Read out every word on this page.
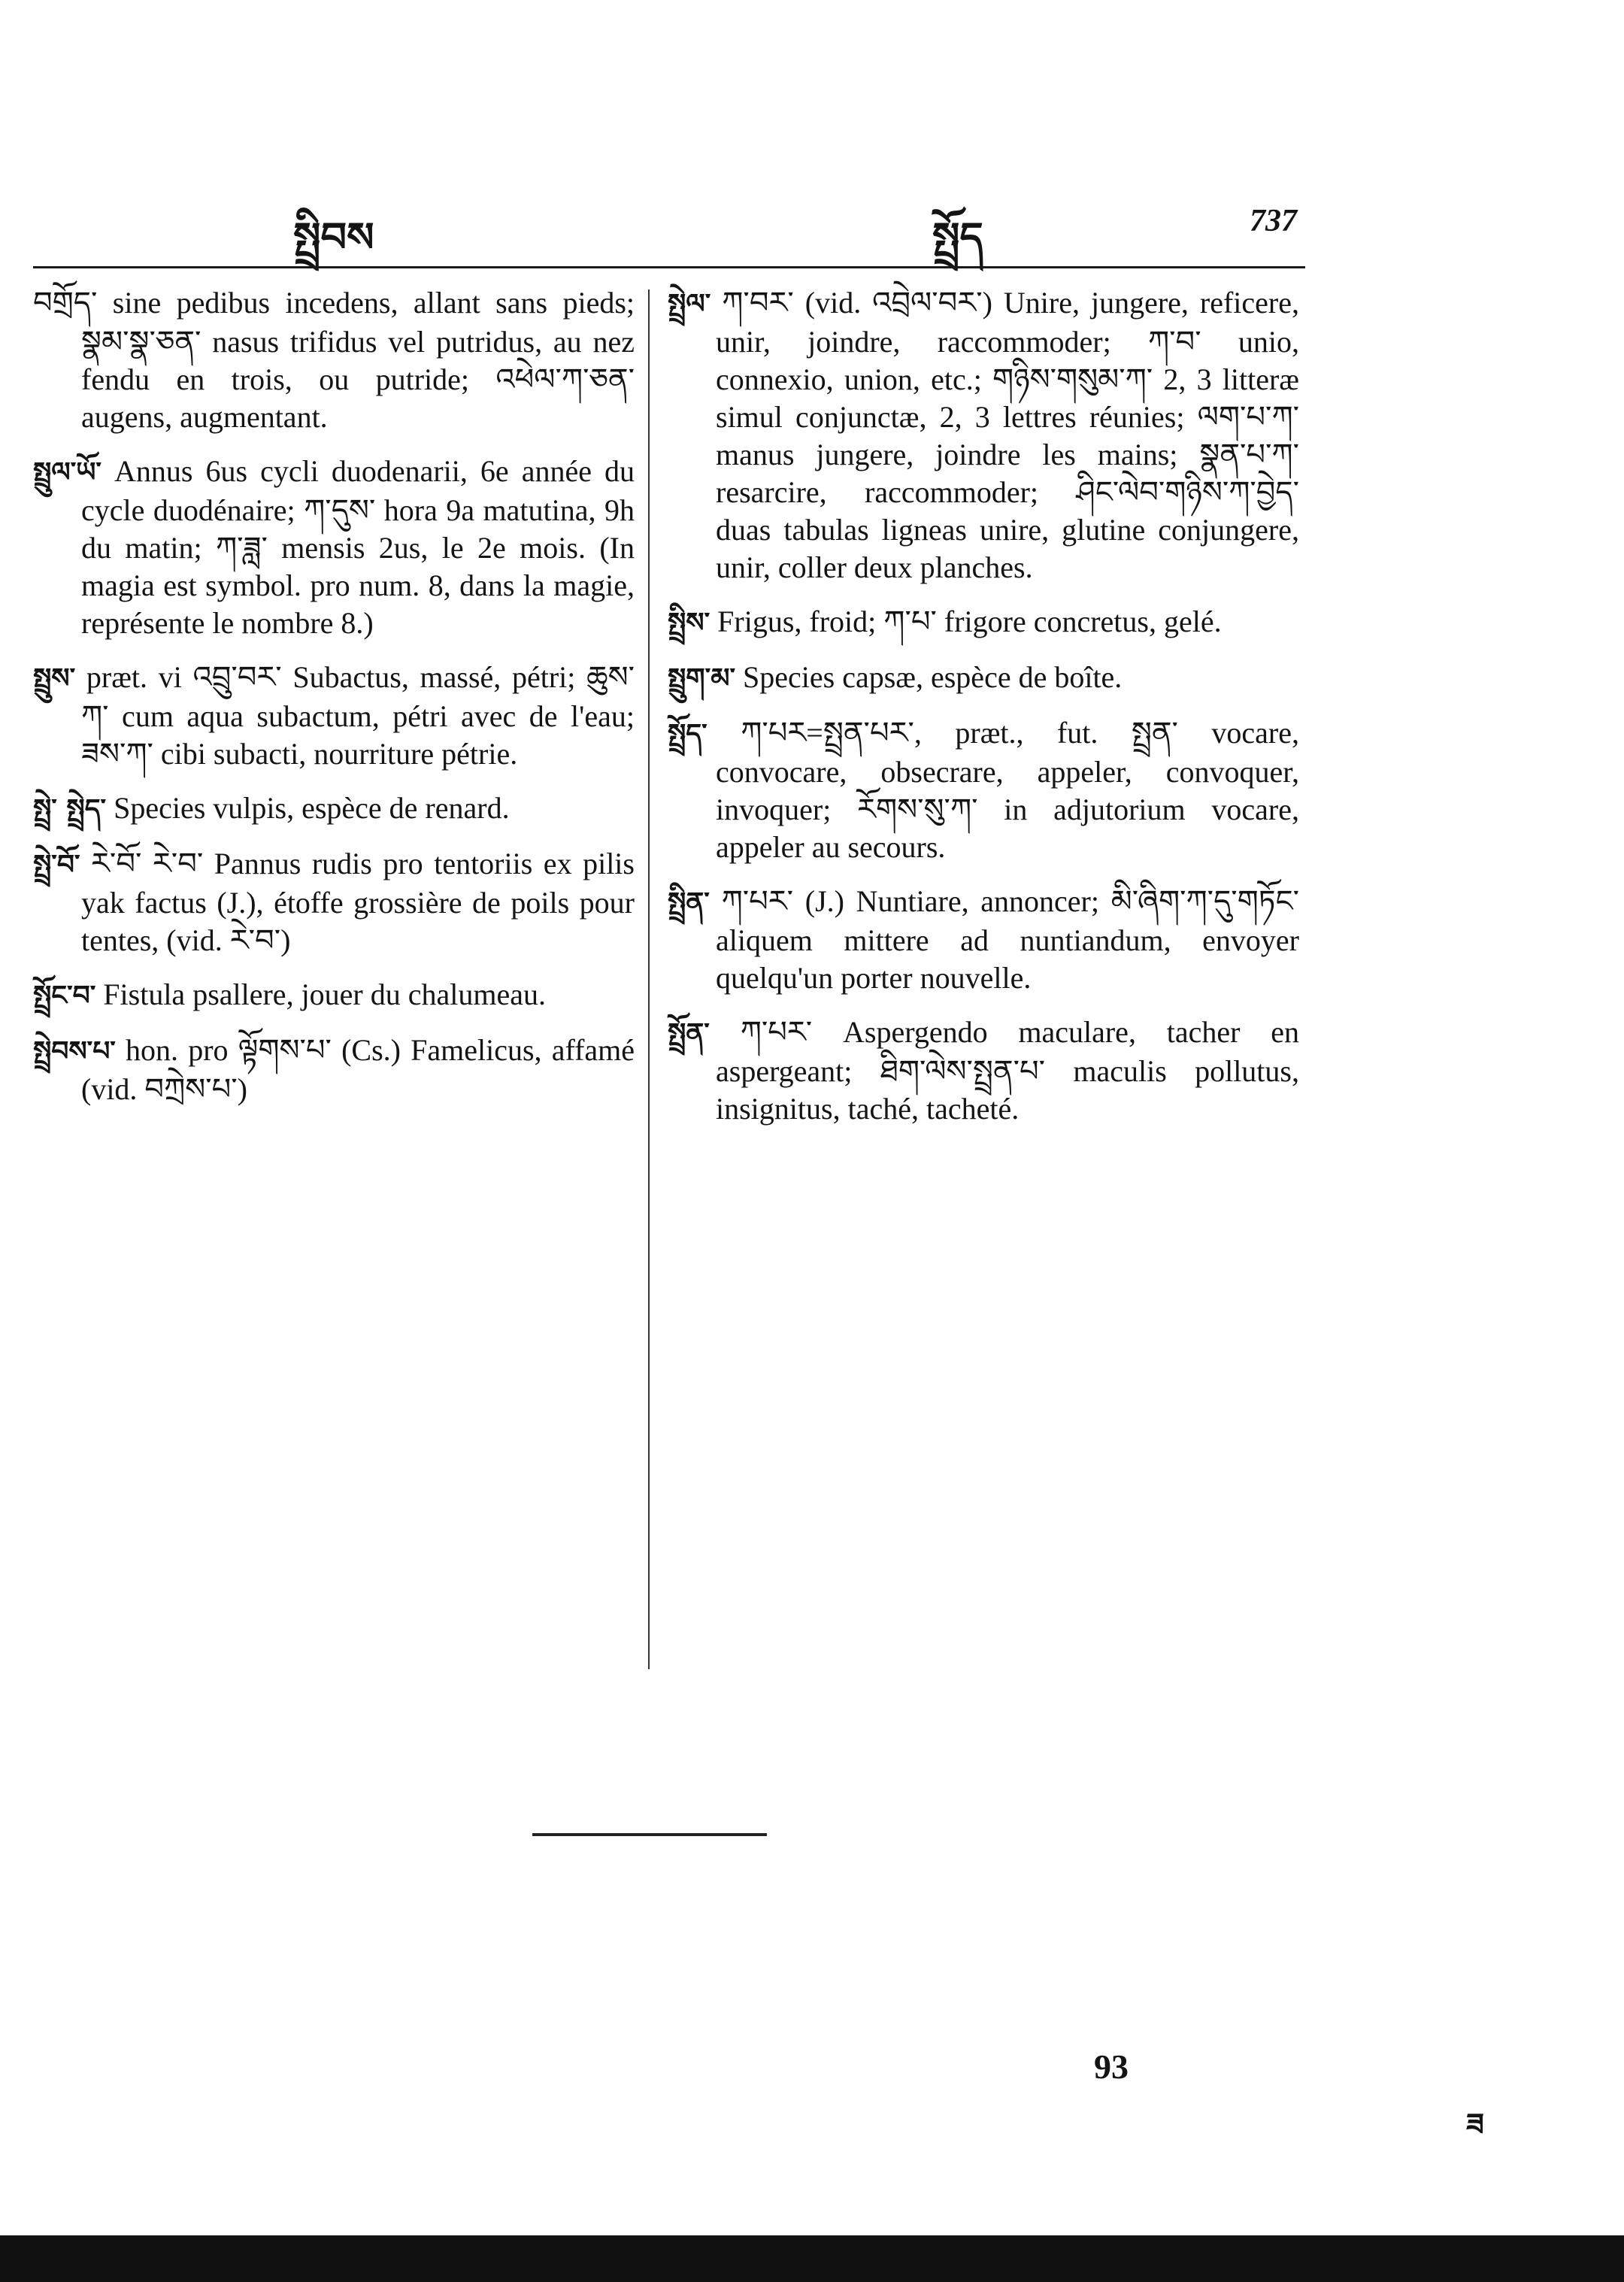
སྤྲིབས	སྤྲོད	737

བགྲོད་ sine pedibus incedens, allant sans pieds; སྣམ་སྣ་ཅན་ nasus trifidus vel putridus, au nez fendu en trois, ou putride; འཕེལ་ཀ་ཅན་ augens, augmentant.

སྤྲུལ་ཡོ་ Annus 6us cycli duodenarii, 6e année du cycle duodénaire; ཀ་དུས་ hora 9a matutina, 9h du matin; ཀ་ཟླ་ mensis 2us, le 2e mois. (In magia est symbol. pro num. 8, dans la magie, représente le nombre 8.)

སྤྲུས་ præt. vi འབྲུ་བར་ Subactus, massé, pétri; ཆུས་ཀ་ cum aqua subactum, pétri avec de l'eau; ཟས་ཀ་ cibi subacti, nourriture pétrie.

སྤྲེ་ སྤྲེད་ Species vulpis, espèce de renard.

སྤྲེ་བོ་ རེ་བོ་ རེ་བ་ Pannus rudis pro tentoriis ex pilis yak factus (J.), étoffe grossière de poils pour tentes, (vid. རེ་བ་)

སྤྲོང་བ་ Fistula psallere, jouer du chalumeau.

སྤྲེབས་པ་ hon. pro ལྟོགས་པ་ (Cs.) Famelicus, affamé (vid. བཀྲེས་པ་)

སྤྲེལ་ ཀ་བར་ (vid. འབྲེལ་བར་) Unire, jungere, reficere, unir, joindre, raccommoder; ཀ་བ་ unio, connexio, union, etc.; གཉིས་གསུམ་ཀ་ 2, 3 litteræ simul conjunctæ, 2, 3 lettres réunies; ལག་པ་ཀ་ manus jungere, joindre les mains; སྣན་པ་ཀ་ resarcire, raccommoder; ཤིང་ལེབ་གཉིས་ཀ་བྱེད་ duas tabulas ligneas unire, glutine conjungere, unir, coller deux planches.

སྤྲིས་ Frigus, froid; ཀ་པ་ frigore concretus, gelé.

སྤྲུག་མ་ Species capsæ, espèce de boîte.

སྤྲོད་ ཀ་པར=སྤྲན་པར་, præt., fut. སྤྲན་ vocare, convocare, obsecrare, appeler, convoquer, invoquer; རོགས་སུ་ཀ་ in adjutorium vocare, appeler au secours.

སྤྲིན་ ཀ་པར་ (J.) Nuntiare, annoncer; མི་ཞིག་ཀ་དུ་གཏོང་ aliquem mittere ad nuntiandum, envoyer quelqu'un porter nouvelle.

སྤྲོན་ ཀ་པར་ Aspergendo maculare, tacher en aspergeant; ཐིག་ལེས་སྤྲན་པ་ maculis pollutus, insignitus, taché, tacheté.

93
ཟ
